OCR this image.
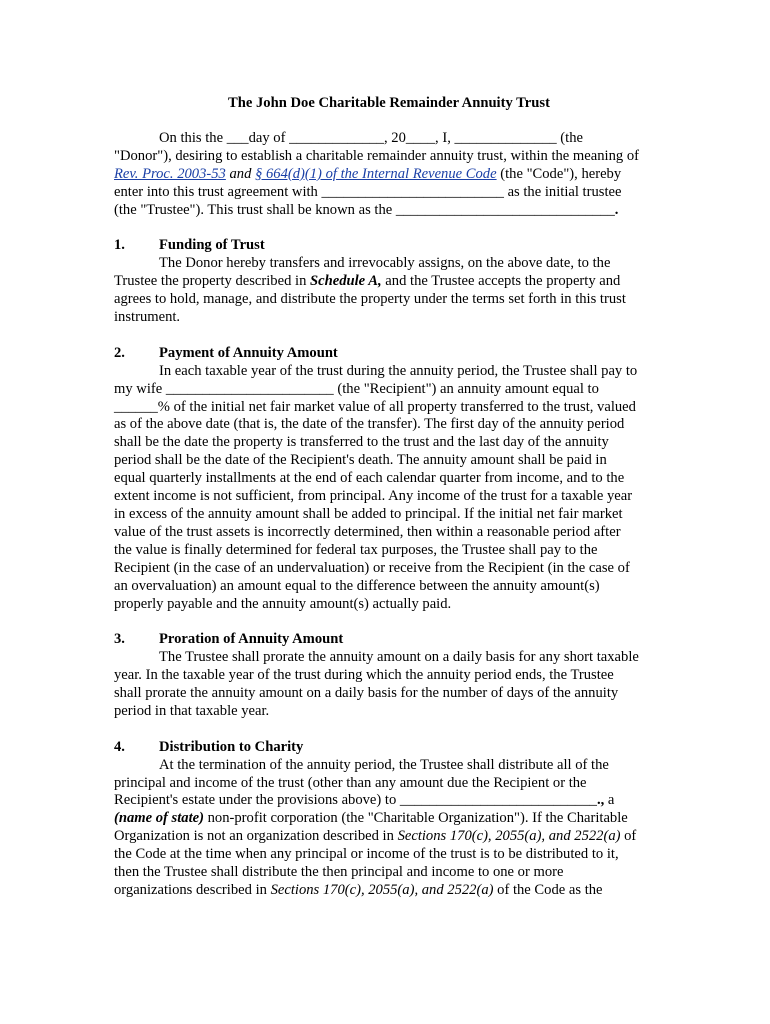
The John Doe Charitable Remainder Annuity Trust

On this the ___day of _____________, 20____, I, ______________ (the
"Donor"), desiring to establish a charitable remainder annuity trust, within the meaning of
Rev. Proc. 2003-53 and § 664(d)(1) of the Internal Revenue Code (the "Code"), hereby
enter into this trust agreement with _________________________ as the initial trustee
(the "Trustee"). This trust shall be known as the ______________________________.

1. Funding of Trust

The Donor hereby transfers and irrevocably assigns, on the above date, to the
Trustee the property described in Schedule A, and the Trustee accepts the property and
agrees to hold, manage, and distribute the property under the terms set forth in this trust
instrument.

2. Payment of Annuity Amount

In each taxable year of the trust during the annuity period, the Trustee shall pay to
my wife _______________________ (the "Recipient") an annuity amount equal to
______% of the initial net fair market value of all property transferred to the trust, valued
as of the above date (that is, the date of the transfer). The first day of the annuity period
shall be the date the property is transferred to the trust and the last day of the annuity
period shall be the date of the Recipient's death. The annuity amount shall be paid in
equal quarterly installments at the end of each calendar quarter from income, and to the
extent income is not sufficient, from principal. Any income of the trust for a taxable year
in excess of the annuity amount shall be added to principal. If the initial net fair market
value of the trust assets is incorrectly determined, then within a reasonable period after
the value is finally determined for federal tax purposes, the Trustee shall pay to the
Recipient (in the case of an undervaluation) or receive from the Recipient (in the case of
an overvaluation) an amount equal to the difference between the annuity amount(s)
properly payable and the annuity amount(s) actually paid.

3. Proration of Annuity Amount

The Trustee shall prorate the annuity amount on a daily basis for any short taxable
year. In the taxable year of the trust during which the annuity period ends, the Trustee
shall prorate the annuity amount on a daily basis for the number of days of the annuity
period in that taxable year.

4. Distribution to Charity

At the termination of the annuity period, the Trustee shall distribute all of the
principal and income of the trust (other than any amount due the Recipient or the
Recipient's estate under the provisions above) to ___________________________., a
(name of state) non-profit corporation (the "Charitable Organization"). If the Charitable
Organization is not an organization described in Sections 170(c), 2055(a), and 2522(a) of
the Code at the time when any principal or income of the trust is to be distributed to it,
then the Trustee shall distribute the then principal and income to one or more
organizations described in Sections 170(c), 2055(a), and 2522(a) of the Code as the
